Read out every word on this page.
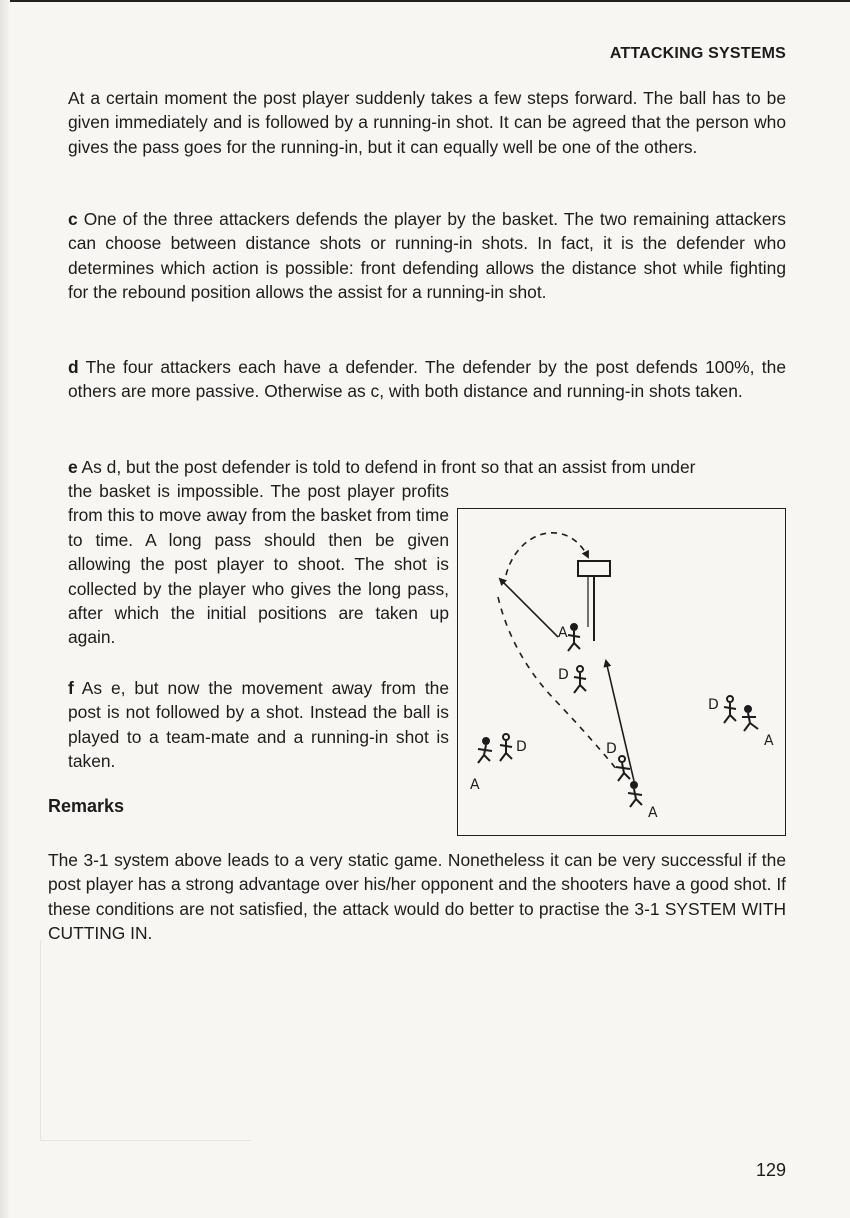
ATTACKING SYSTEMS

At a certain moment the post player suddenly takes a few steps forward. The ball has to be given immediately and is followed by a running-in shot. It can be agreed that the person who gives the pass goes for the running-in, but it can equally well be one of the others.

c One of the three attackers defends the player by the basket. The two remaining attackers can choose between distance shots or running-in shots. In fact, it is the defender who determines which action is possible: front defending allows the distance shot while fighting for the rebound position allows the assist for a running-in shot.

d The four attackers each have a defender. The defender by the post defends 100%, the others are more passive. Otherwise as c, with both distance and running-in shots taken.

e As d, but the post defender is told to defend in front so that an assist from under

the basket is impossible. The post player profits from this to move away from the basket from time to time. A long pass should then be given allowing the post player to shoot. The shot is collected by the player who gives the long pass, after which the initial positions are taken up again.

f As e, but now the movement away from the post is not followed by a shot. Instead the ball is played to a team-mate and a running-in shot is taken.

Remarks

The 3-1 system above leads to a very static game. Nonetheless it can be very successful if the post player has a strong advantage over his/her opponent and the shooters have a good shot. If these conditions are not satisfied, the attack would do better to practise the 3-1 SYSTEM WITH CUTTING IN.

A
D
D
A
D
A
D
A
129
